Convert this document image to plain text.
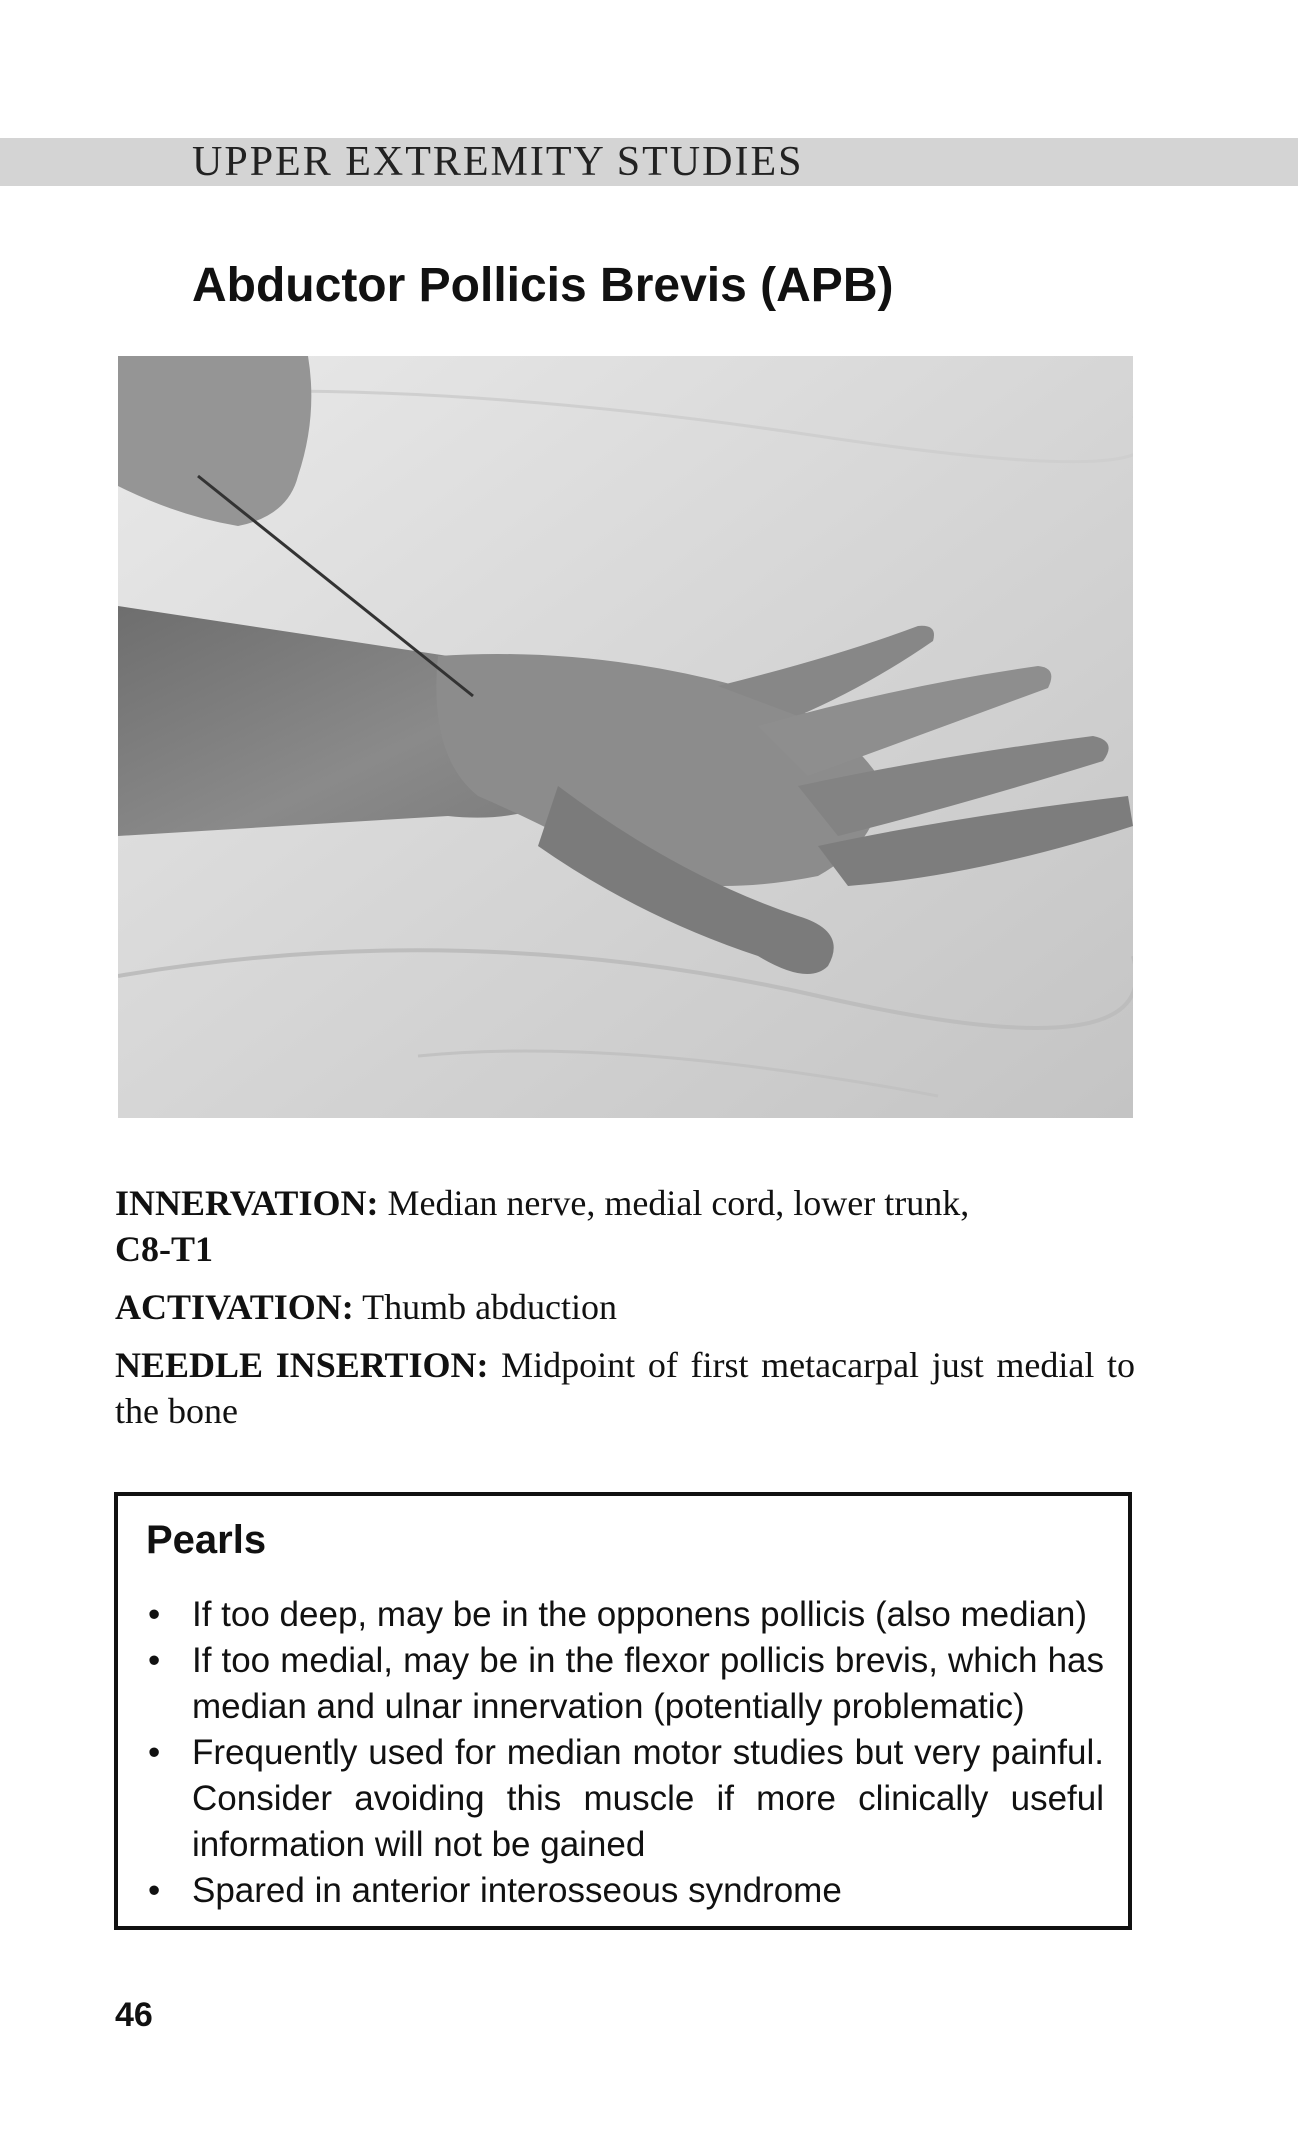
UPPER EXTREMITY STUDIES
Abductor Pollicis Brevis (APB)
INNERVATION: Median nerve, medial cord, lower trunk,
C8-T1
ACTIVATION: Thumb abduction
NEEDLE INSERTION: Midpoint of first metacarpal just medial to the bone
Pearls
• If too deep, may be in the opponens pollicis (also median)
• If too medial, may be in the flexor pollicis brevis, which has median and ulnar innervation (potentially problematic)
• Frequently used for median motor studies but very painful. Consider avoiding this muscle if more clinically useful information will not be gained
• Spared in anterior interosseous syndrome
46
